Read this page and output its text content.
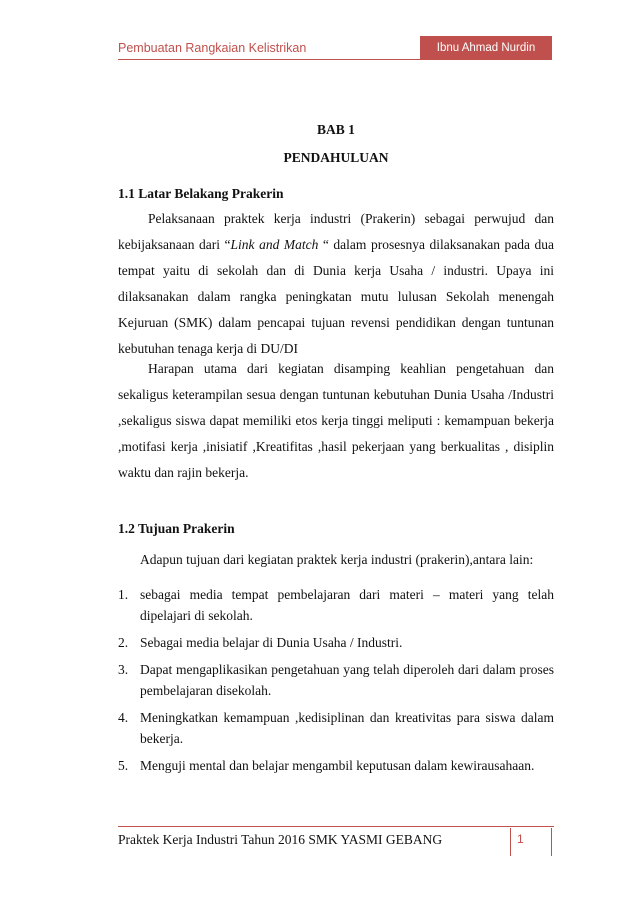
Pembuatan Rangkaian Kelistrikan	Ibnu Ahmad Nurdin
BAB 1
PENDAHULUAN
1.1 Latar Belakang Prakerin
Pelaksanaan praktek kerja industri (Prakerin) sebagai perwujud dan kebijaksanaan dari “Link and Match “ dalam prosesnya dilaksanakan pada dua tempat yaitu di sekolah dan di Dunia kerja Usaha / industri. Upaya ini dilaksanakan dalam rangka peningkatan mutu lulusan Sekolah menengah Kejuruan (SMK) dalam pencapai tujuan revensi pendidikan dengan tuntunan kebutuhan tenaga kerja di DU/DI
Harapan utama dari kegiatan disamping keahlian pengetahuan dan sekaligus keterampilan sesua dengan tuntunan kebutuhan Dunia Usaha /Industri ,sekaligus siswa dapat memiliki etos kerja tinggi meliputi : kemampuan bekerja ,motifasi kerja ,inisiatif ,Kreatifitas ,hasil pekerjaan yang berkualitas , disiplin waktu dan rajin bekerja.
1.2 Tujuan Prakerin
Adapun tujuan dari kegiatan praktek kerja industri (prakerin),antara lain:
1. sebagai media tempat pembelajaran dari materi – materi yang telah dipelajari di sekolah.
2. Sebagai media belajar di Dunia Usaha / Industri.
3. Dapat mengaplikasikan pengetahuan yang telah diperoleh dari dalam proses pembelajaran disekolah.
4. Meningkatkan kemampuan ,kedisiplinan dan kreativitas para siswa dalam bekerja.
5. Menguji mental dan belajar mengambil keputusan dalam kewirausahaan.
Praktek Kerja Industri Tahun 2016 SMK YASMI GEBANG	1
